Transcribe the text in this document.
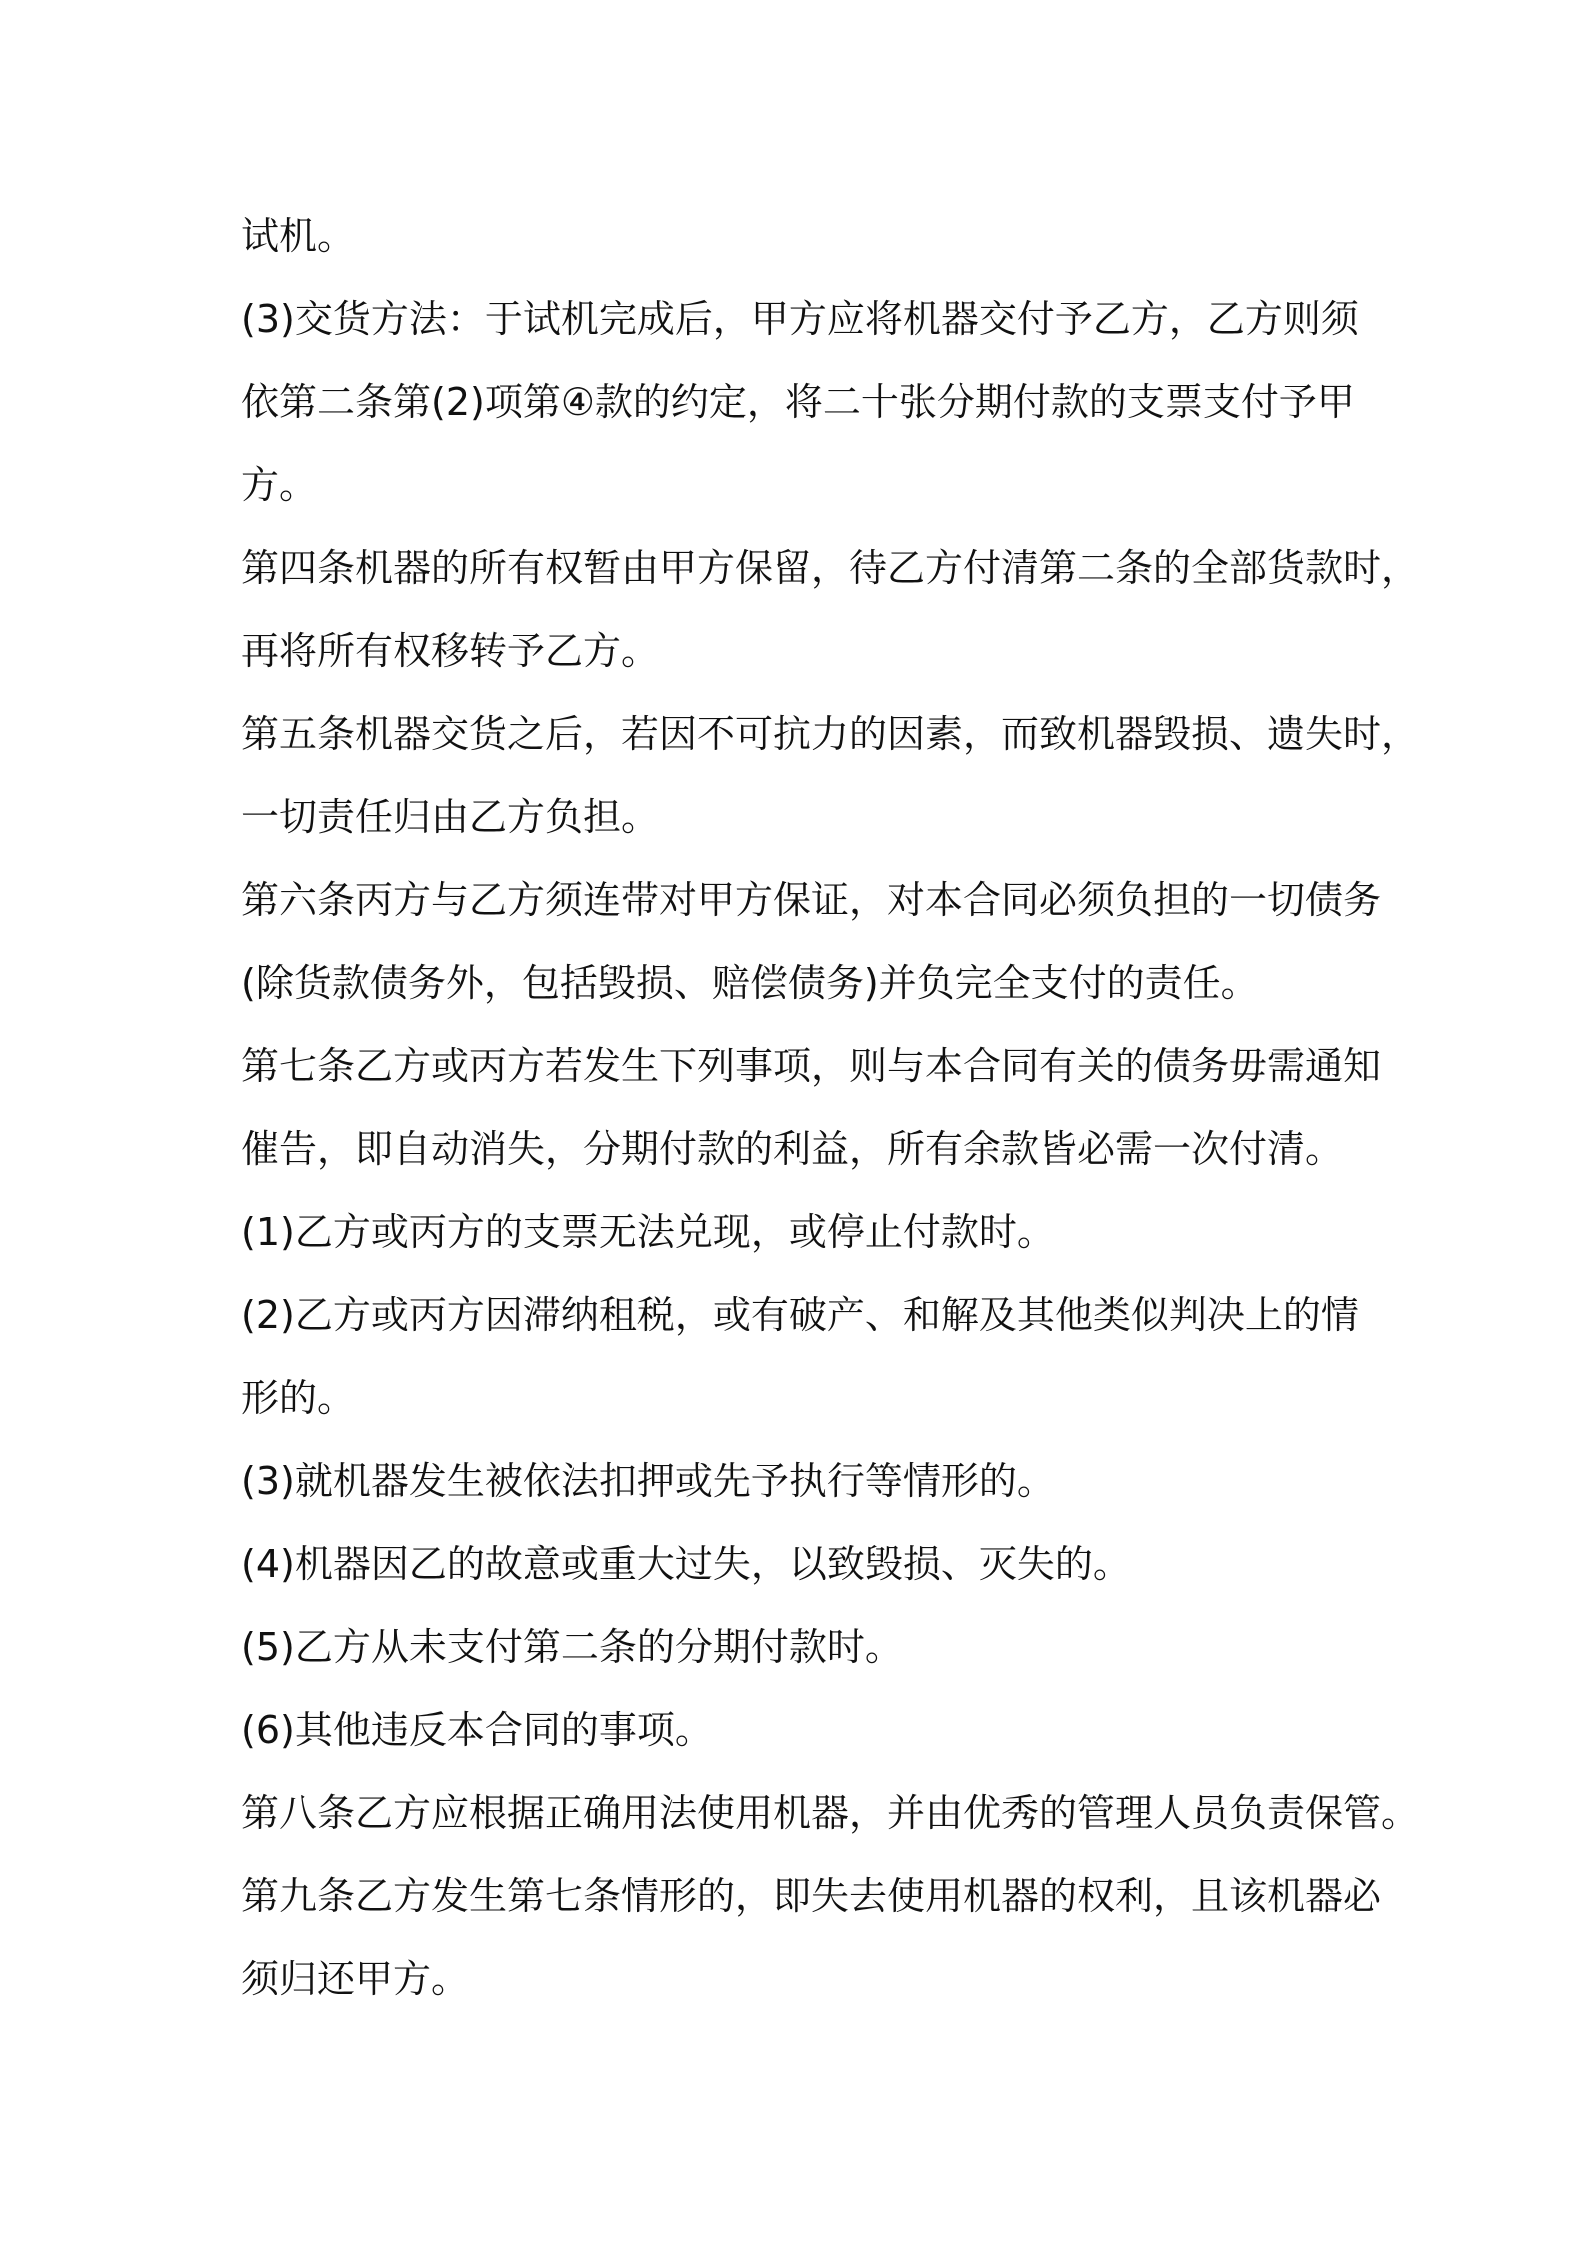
试机。
(3)交货方法：于试机完成后，甲方应将机器交付予乙方，乙方则须
依第二条第(2)项第④款的约定，将二十张分期付款的支票支付予甲
方。
第四条机器的所有权暂由甲方保留，待乙方付清第二条的全部货款时，
再将所有权移转予乙方。
第五条机器交货之后，若因不可抗力的因素，而致机器毁损、遗失时，
一切责任归由乙方负担。
第六条丙方与乙方须连带对甲方保证，对本合同必须负担的一切债务
(除货款债务外，包括毁损、赔偿债务)并负完全支付的责任。
第七条乙方或丙方若发生下列事项，则与本合同有关的债务毋需通知
催告，即自动消失，分期付款的利益，所有余款皆必需一次付清。
(1)乙方或丙方的支票无法兑现，或停止付款时。
(2)乙方或丙方因滞纳租税，或有破产、和解及其他类似判决上的情
形的。
(3)就机器发生被依法扣押或先予执行等情形的。
(4)机器因乙的故意或重大过失，以致毁损、灭失的。
(5)乙方从未支付第二条的分期付款时。
(6)其他违反本合同的事项。
第八条乙方应根据正确用法使用机器，并由优秀的管理人员负责保管。
第九条乙方发生第七条情形的，即失去使用机器的权利，且该机器必
须归还甲方。
